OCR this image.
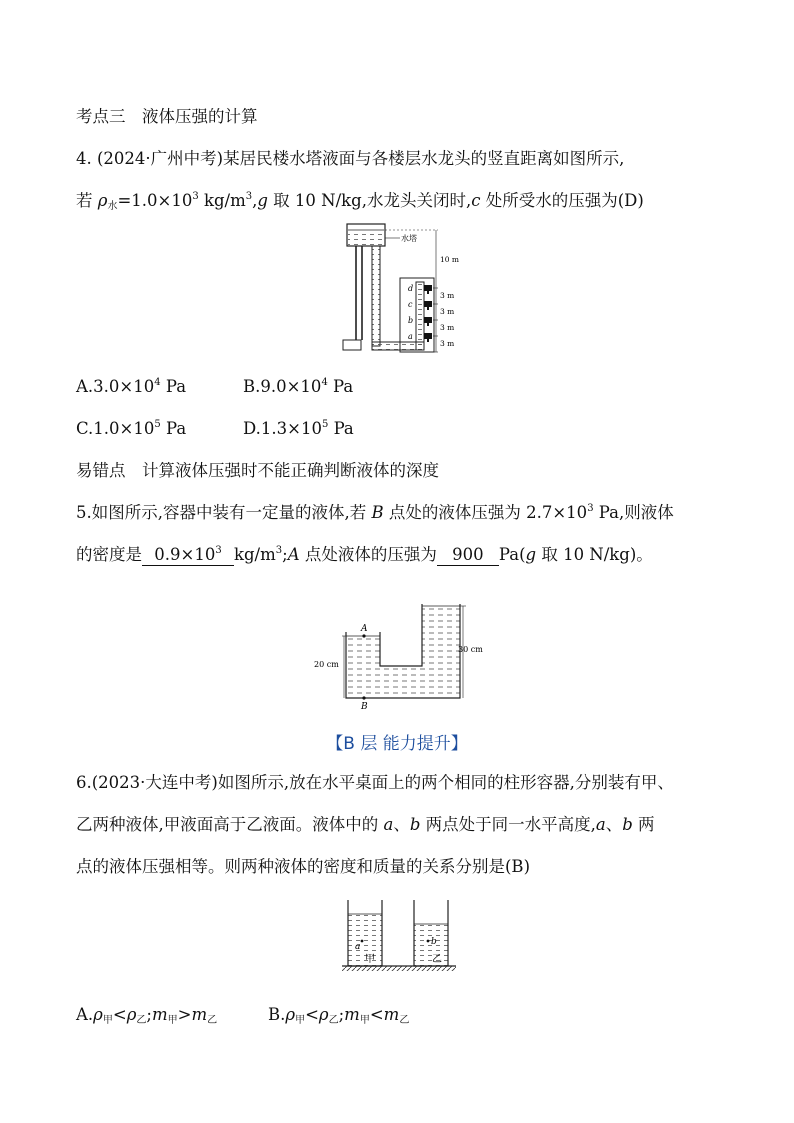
考点三　液体压强的计算
4. (2024·广州中考)某居民楼水塔液面与各楼层水龙头的竖直距离如图所示,
若 $\rho_水=1.0\times 10^3$ $kg/m^3,g$ 取 10 N/kg,水龙头关闭时,c 处所受水的压强为(D)
d
c
b
a
水塔
10 m
3 m
3 m
3 m
3 m
$A.3.0\times 10^4$ Pa	$B.9.0\times 10^4$ Pa
$C.1.0\times 10^5$ Pa	$D.1.3\times 10^5$ Pa
易错点　计算液体压强时不能正确判断液体的深度
5.如图所示,容器中装有一定量的液体,若 B 点处的液体压强为 $2.7\times 10^3$ Pa,则液体
的密度是 $0.9\times 10^3$ $kg/m^3;A$ 点处液体的压强为 900 Pa(g 取 10 N/kg)。
A
B
20 cm
30 cm
【B 层 能力提升】
6.(2023·大连中考)如图所示,放在水平桌面上的两个相同的柱形容器,分别装有甲、
乙两种液体,甲液面高于乙液面。液体中的 a、b 两点处于同一水平高度,a、b 两
点的液体压强相等。则两种液体的密度和质量的关系分别是(B)
a	b
甲	乙
$A.\rho_甲<\rho_乙;m_甲>m_乙$	$B.\rho_甲<\rho_乙;m_甲<m_乙$
